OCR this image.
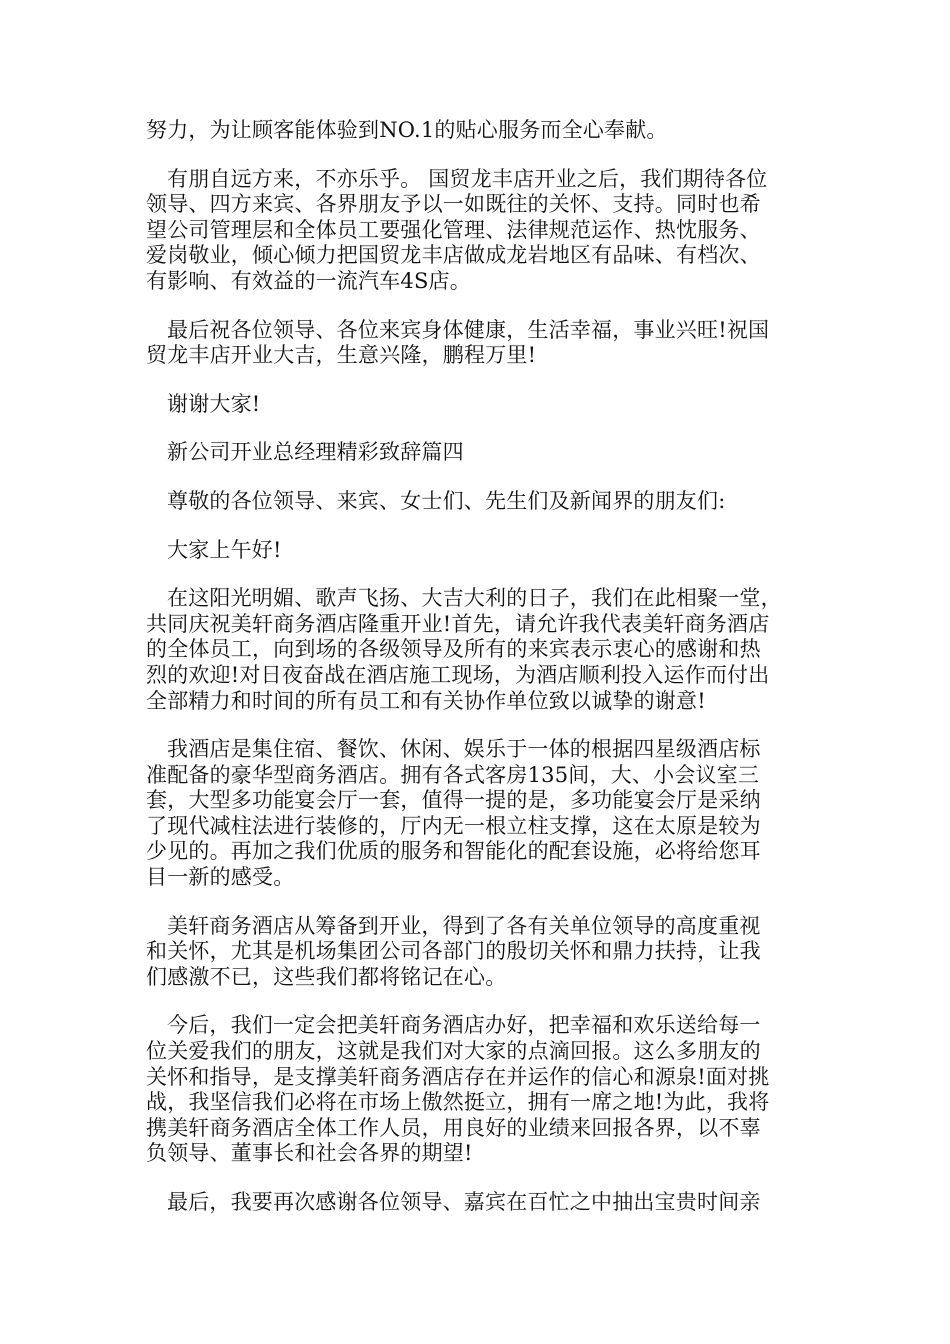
努力，为让顾客能体验到NO.1的贴心服务而全心奉献。

有朋自远方来，不亦乐乎。 国贸龙丰店开业之后，我们期待各位
领导、四方来宾、各界朋友予以一如既往的关怀、支持。同时也希
望公司管理层和全体员工要强化管理、法律规范运作、热忱服务、
爱岗敬业，倾心倾力把国贸龙丰店做成龙岩地区有品味、有档次、
有影响、有效益的一流汽车4S店。

最后祝各位领导、各位来宾身体健康，生活幸福，事业兴旺!祝国
贸龙丰店开业大吉，生意兴隆，鹏程万里!

谢谢大家!

新公司开业总经理精彩致辞篇四

尊敬的各位领导、来宾、女士们、先生们及新闻界的朋友们:

大家上午好!

在这阳光明媚、歌声飞扬、大吉大利的日子，我们在此相聚一堂，
共同庆祝美轩商务酒店隆重开业!首先，请允许我代表美轩商务酒店
的全体员工，向到场的各级领导及所有的来宾表示衷心的感谢和热
烈的欢迎!对日夜奋战在酒店施工现场，为酒店顺利投入运作而付出
全部精力和时间的所有员工和有关协作单位致以诚挚的谢意!

我酒店是集住宿、餐饮、休闲、娱乐于一体的根据四星级酒店标
准配备的豪华型商务酒店。拥有各式客房135间，大、小会议室三
套，大型多功能宴会厅一套，值得一提的是，多功能宴会厅是采纳
了现代减柱法进行装修的，厅内无一根立柱支撑，这在太原是较为
少见的。再加之我们优质的服务和智能化的配套设施，必将给您耳
目一新的感受。

美轩商务酒店从筹备到开业，得到了各有关单位领导的高度重视
和关怀，尤其是机场集团公司各部门的殷切关怀和鼎力扶持，让我
们感激不已，这些我们都将铭记在心。

今后，我们一定会把美轩商务酒店办好，把幸福和欢乐送给每一
位关爱我们的朋友，这就是我们对大家的点滴回报。这么多朋友的
关怀和指导，是支撑美轩商务酒店存在并运作的信心和源泉!面对挑
战，我坚信我们必将在市场上傲然挺立，拥有一席之地!为此，我将
携美轩商务酒店全体工作人员，用良好的业绩来回报各界，以不辜
负领导、董事长和社会各界的期望!

最后，我要再次感谢各位领导、嘉宾在百忙之中抽出宝贵时间亲
